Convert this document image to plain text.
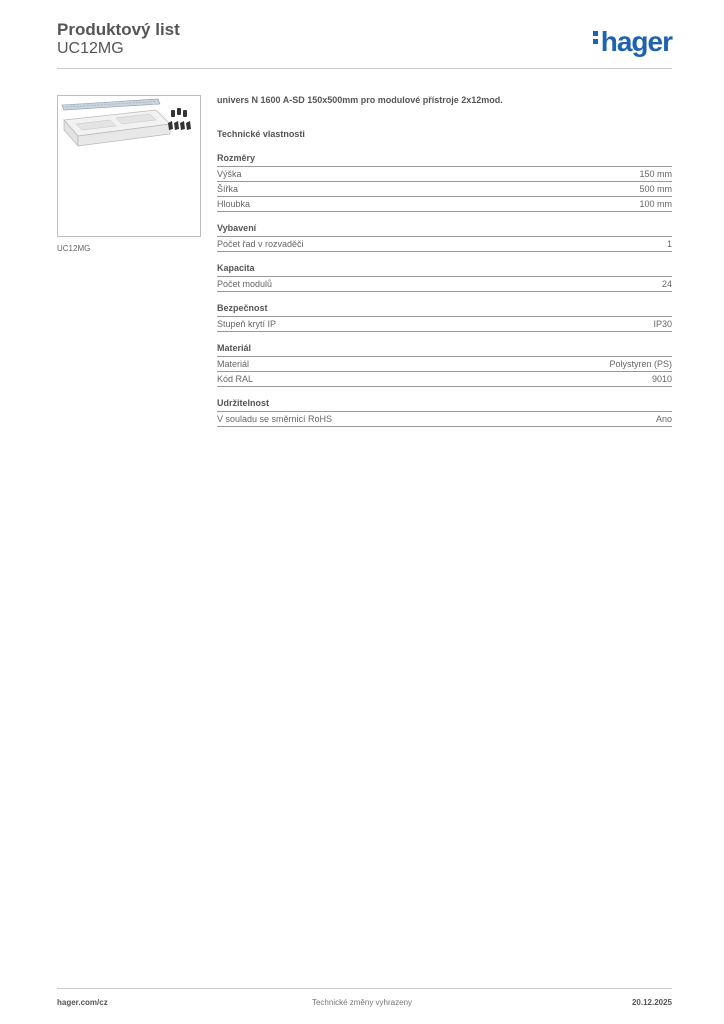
Produktový list
UC12MG	hager
UC12MG
univers N 1600 A-SD 150x500mm pro modulové přístroje 2x12mod.
Technické vlastnosti
Rozměry
Výška	150 mm
Šířka	500 mm
Hloubka	100 mm
Vybavení
Počet řad v rozvaděči	1
Kapacita
Počet modulů	24
Bezpečnost
Stupeň krytí IP	IP30
Materiál
Materiál	Polystyren (PS)
Kód RAL	9010
Udržitelnost
V souladu se směrnicí RoHS	Ano
hager.com/cz	Technické změny vyhrazeny	20.12.2025
